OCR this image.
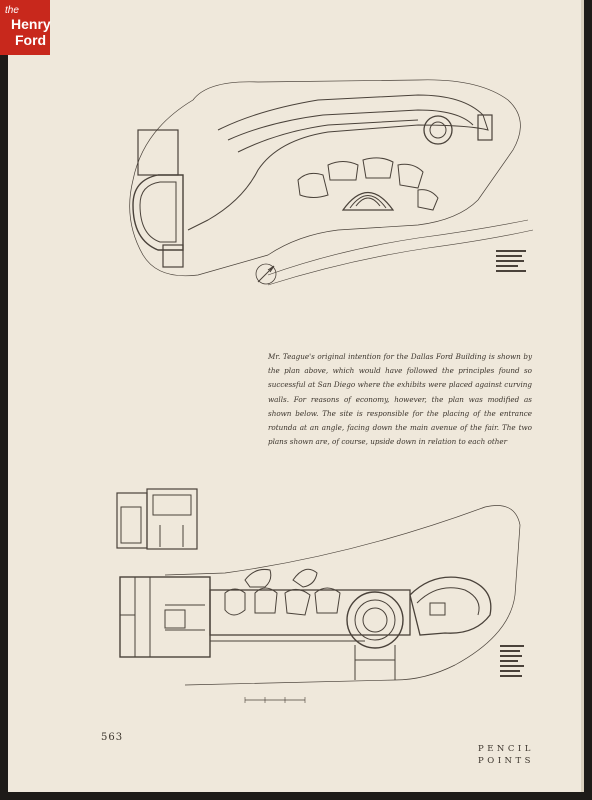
the
Henry
Ford

Mr. Teague's original intention for the Dallas Ford Building is shown by the plan above, which would have followed the principles found so successful at San Diego where the exhibits were placed against curving walls. For reasons of economy, however, the plan was modified as shown below. The site is responsible for the placing of the entrance rotunda at an angle, facing down the main avenue of the fair. The two plans shown are, of course, upside down in relation to each other

563
PENCIL
POINTS
